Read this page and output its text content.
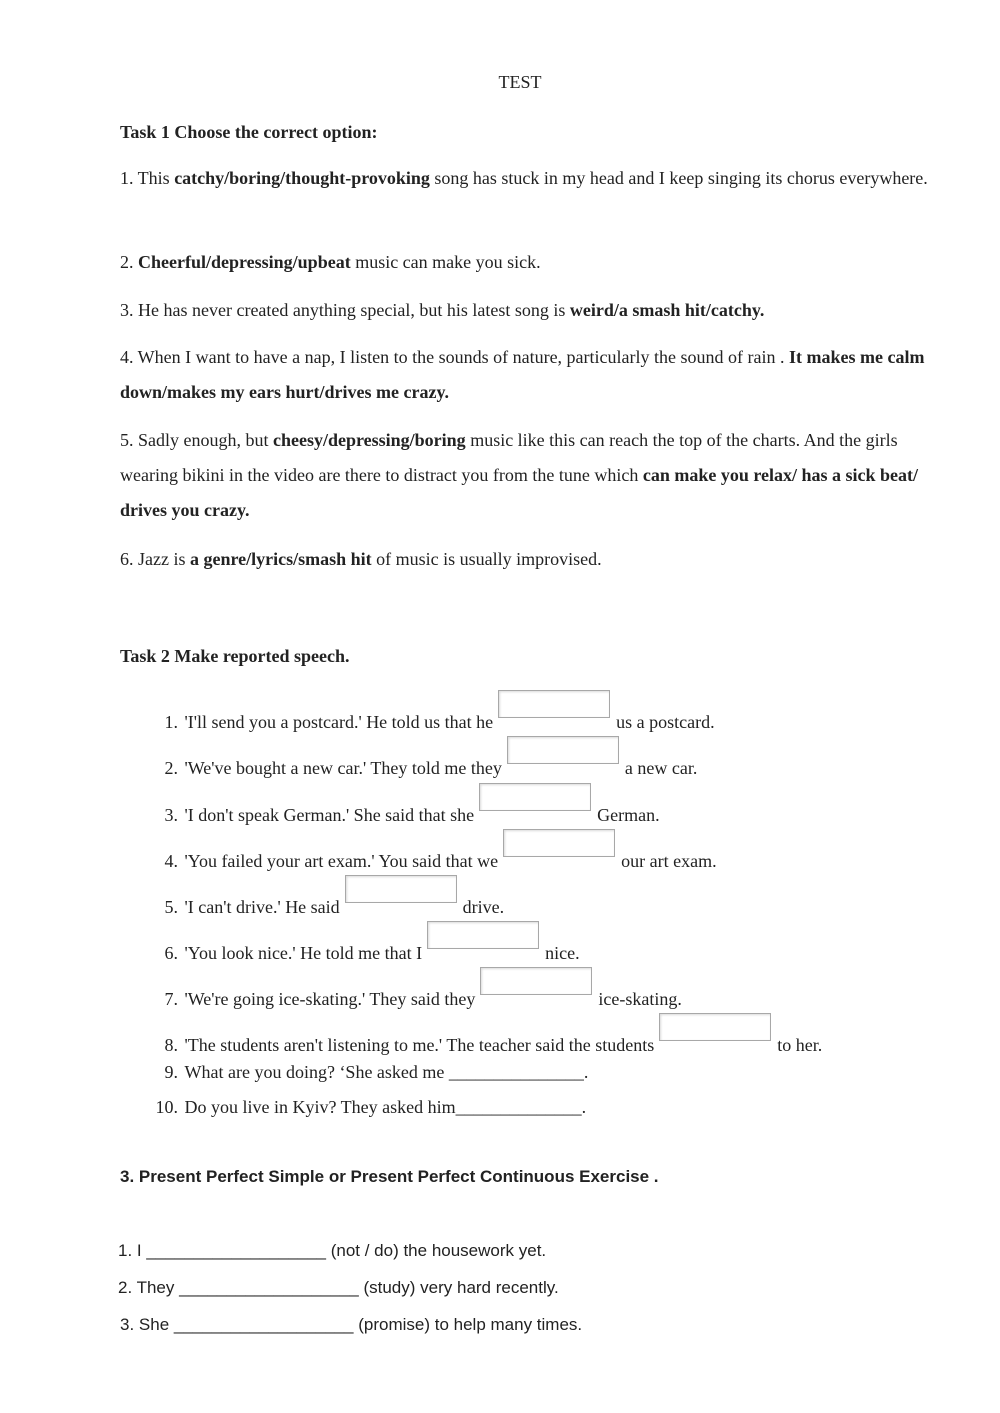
TEST
Task 1 Choose the correct option:
1. This catchy/boring/thought-provoking song has stuck in my head and I keep singing its chorus everywhere.
2. Cheerful/depressing/upbeat music can make you sick.
3. He has never created anything special, but his latest song is weird/a smash hit/catchy.
4. When I want to have a nap, I listen to the sounds of nature, particularly the sound of rain . It makes me calm down/makes my ears hurt/drives me crazy.
5. Sadly enough, but cheesy/depressing/boring music like this can reach the top of the charts. And the girls wearing bikini in the video are there to distract you from the tune which can make you relax/ has a sick beat/ drives you crazy.
6. Jazz is a genre/lyrics/smash hit of music is usually improvised.
Task 2 Make reported speech.
1. 'I'll send you a postcard.' He told us that he	us a postcard.
2. 'We've bought a new car.' They told me they	a new car.
3. 'I don't speak German.' She said that she	German.
4. 'You failed your art exam.' You said that we	our art exam.
5. 'I can't drive.' He said	drive.
6. 'You look nice.' He told me that I	nice.
7. 'We're going ice-skating.' They said they	ice-skating.
8. 'The students aren't listening to me.' The teacher said the students	to her.
9. What are you doing? ‘She asked me _______________.
10. Do you live in Kyiv? They asked him______________.
3. Present Perfect Simple or Present Perfect Continuous Exercise .
1. I ___________________ (not / do) the housework yet.
2. They ___________________ (study) very hard recently.
3. She ___________________ (promise) to help many times.
